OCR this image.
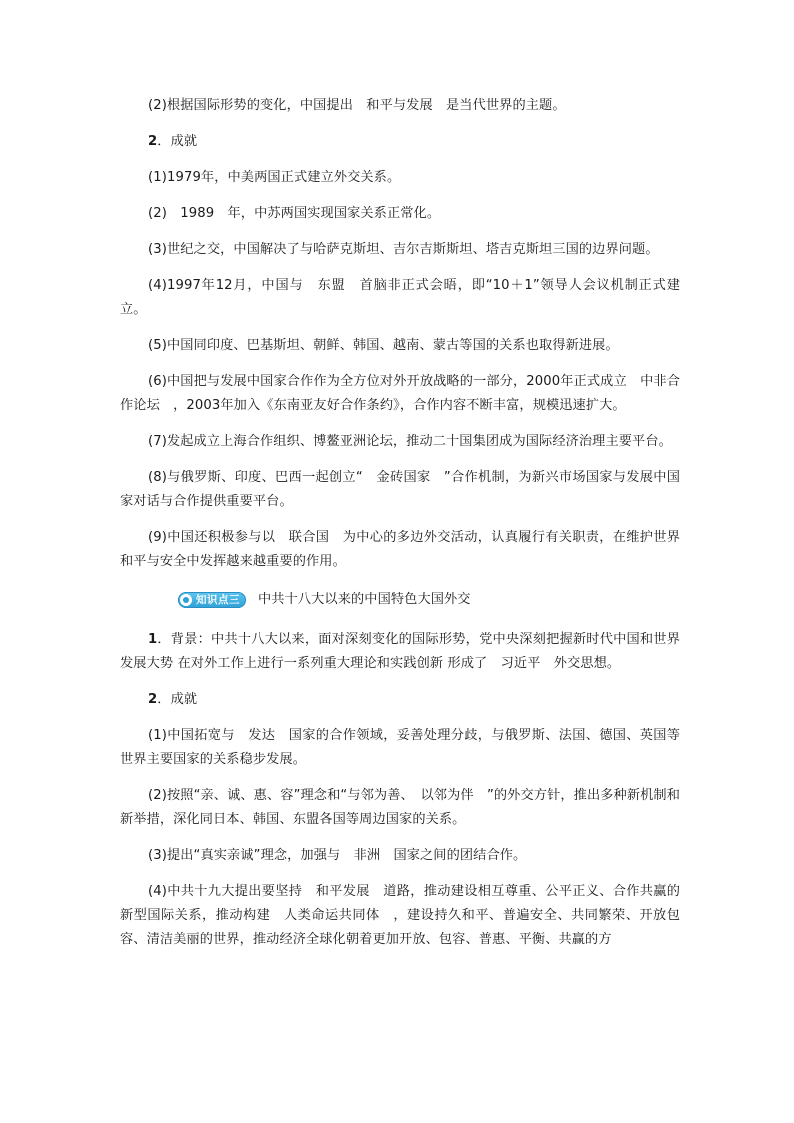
(2)根据国际形势的变化，中国提出　和平与发展　是当代世界的主题。

2．成就

(1)1979年，中美两国正式建立外交关系。

(2)　1989　年，中苏两国实现国家关系正常化。

(3)世纪之交，中国解决了与哈萨克斯坦、吉尔吉斯斯坦、塔吉克斯坦三国的边界问题。

(4)1997年12月，中国与　东盟　首脑非正式会晤，即“10＋1”领导人会议机制正式建立。

(5)中国同印度、巴基斯坦、朝鲜、韩国、越南、蒙古等国的关系也取得新进展。

(6)中国把与发展中国家合作作为全方位对外开放战略的一部分，2000年正式成立　中非合作论坛　，2003年加入《东南亚友好合作条约》，合作内容不断丰富，规模迅速扩大。

(7)发起成立上海合作组织、博鳌亚洲论坛，推动二十国集团成为国际经济治理主要平台。

(8)与俄罗斯、印度、巴西一起创立“　金砖国家　”合作机制，为新兴市场国家与发展中国家对话与合作提供重要平台。

(9)中国还积极参与以　联合国　为中心的多边外交活动，认真履行有关职责，在维护世界和平与安全中发挥越来越重要的作用。

知识点三 中共十八大以来的中国特色大国外交

1．背景：中共十八大以来，面对深刻变化的国际形势，党中央深刻把握新时代中国和世界发展大势 在对外工作上进行一系列重大理论和实践创新 形成了　习近平　外交思想。

2．成就

(1)中国拓宽与　发达　国家的合作领域，妥善处理分歧，与俄罗斯、法国、德国、英国等世界主要国家的关系稳步发展。

(2)按照“亲、诚、惠、容”理念和“与邻为善、　以邻为伴　”的外交方针，推出多种新机制和新举措，深化同日本、韩国、东盟各国等周边国家的关系。

(3)提出“真实亲诚”理念，加强与　非洲　国家之间的团结合作。

(4)中共十九大提出要坚持　和平发展　道路，推动建设相互尊重、公平正义、合作共赢的新型国际关系，推动构建　人类命运共同体　，建设持久和平、普遍安全、共同繁荣、开放包容、清洁美丽的世界，推动经济全球化朝着更加开放、包容、普惠、平衡、共赢的方
